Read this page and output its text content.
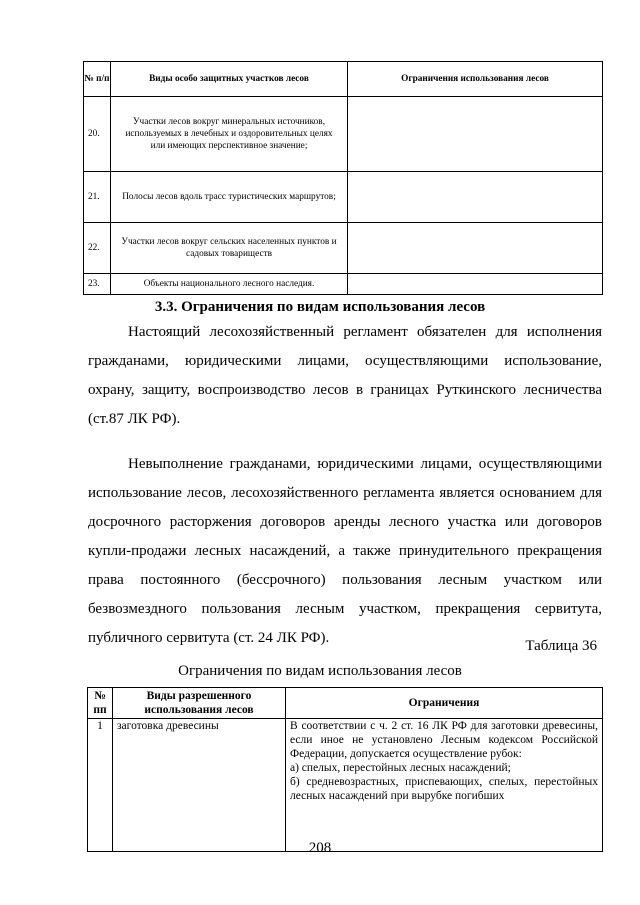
№ п/п	Виды особо защитных участков лесов	Ограничения использования лесов
20.	Участки лесов вокруг минеральных источников, используемых в лечебных и оздоровительных целях или имеющих перспективное значение;	
21.	Полосы лесов вдоль трасс туристических маршрутов;	
22.	Участки лесов вокруг сельских населенных пунктов и садовых товариществ	
23.	Объекты национального лесного наследия.	
3.3. Ограничения по видам использования лесов
Настоящий лесохозяйственный регламент обязателен для исполнения гражданами, юридическими лицами, осуществляющими использование, охрану, защиту, воспроизводство лесов в границах Руткинского лесничества (ст.87 ЛК РФ).
Невыполнение гражданами, юридическими лицами, осуществляющими использование лесов, лесохозяйственного регламента является основанием для досрочного расторжения договоров аренды лесного участка или договоров купли-продажи лесных насаждений, а также принудительного прекращения права постоянного (бессрочного) пользования лесным участком или безвозмездного пользования лесным участком, прекращения сервитута, публичного сервитута (ст. 24 ЛК РФ).	Таблица 36
Ограничения по видам использования лесов
№ пп	Виды разрешенного использования лесов	Ограничения
1	заготовка древесины	В соответствии с ч. 2 ст. 16 ЛК РФ для заготовки древесины, если иное не установлено Лесным кодексом Российской Федерации, допускается осуществление рубок:
а) спелых, перестойных лесных насаждений;
б) средневозрастных, приспевающих, спелых, перестойных лесных насаждений при вырубке погибших
208
